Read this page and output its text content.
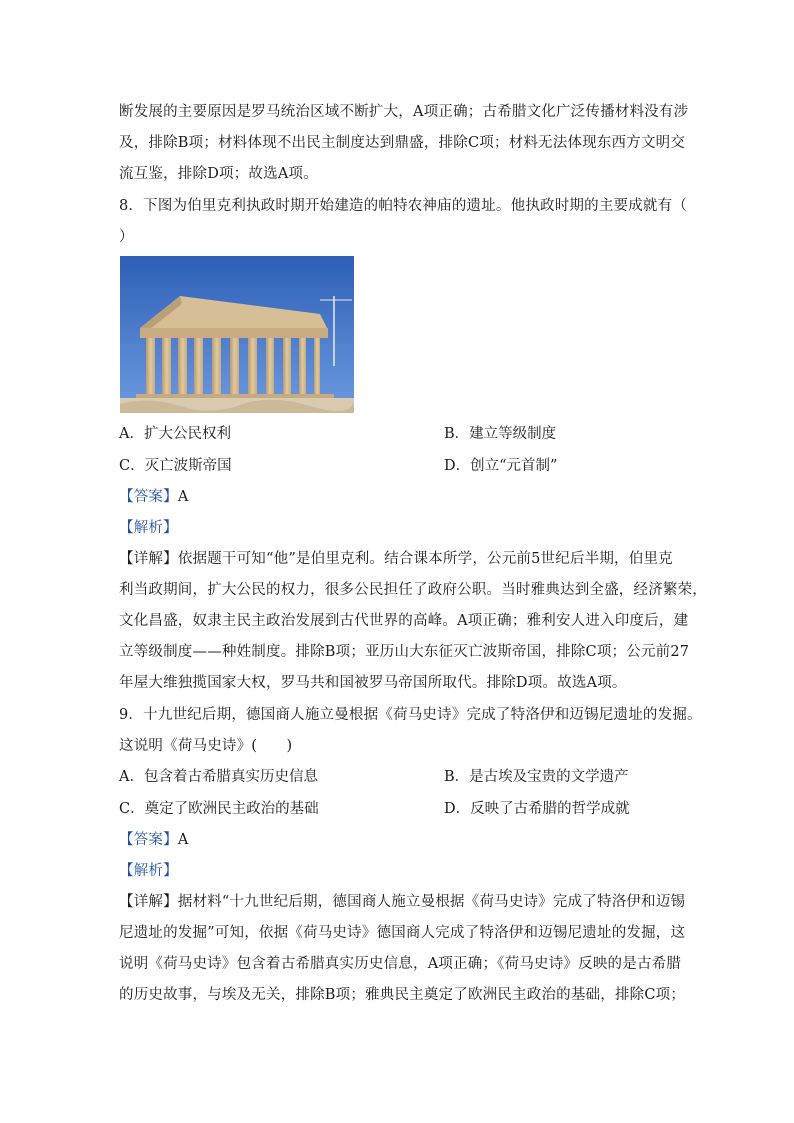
断发展的主要原因是罗马统治区域不断扩大，A项正确；古希腊文化广泛传播材料没有涉
及，排除B项；材料体现不出民主制度达到鼎盛，排除C项；材料无法体现东西方文明交
流互鉴，排除D项；故选A项。
8．下图为伯里克利执政时期开始建造的帕特农神庙的遗址。他执政时期的主要成就有（
）
A．扩大公民权利	B．建立等级制度
C．灭亡波斯帝国	D．创立“元首制”
【答案】A
【解析】
【详解】依据题干可知“他”是伯里克利。结合课本所学，公元前5世纪后半期，伯里克
利当政期间，扩大公民的权力，很多公民担任了政府公职。当时雅典达到全盛，经济繁荣，
文化昌盛，奴隶主民主政治发展到古代世界的高峰。A项正确；雅利安人进入印度后，建
立等级制度——种姓制度。排除B项；亚历山大东征灭亡波斯帝国，排除C项；公元前27
年屋大维独揽国家大权，罗马共和国被罗马帝国所取代。排除D项。故选A项。
9．十九世纪后期，德国商人施立曼根据《荷马史诗》完成了特洛伊和迈锡尼遗址的发掘。
这说明《荷马史诗》(　　)
A．包含着古希腊真实历史信息	B．是古埃及宝贵的文学遗产
C．奠定了欧洲民主政治的基础	D．反映了古希腊的哲学成就
【答案】A
【解析】
【详解】据材料“十九世纪后期，德国商人施立曼根据《荷马史诗》完成了特洛伊和迈锡
尼遗址的发掘”可知，依据《荷马史诗》德国商人完成了特洛伊和迈锡尼遗址的发掘，这
说明《荷马史诗》包含着古希腊真实历史信息，A项正确；《荷马史诗》反映的是古希腊
的历史故事，与埃及无关，排除B项；雅典民主奠定了欧洲民主政治的基础，排除C项；
